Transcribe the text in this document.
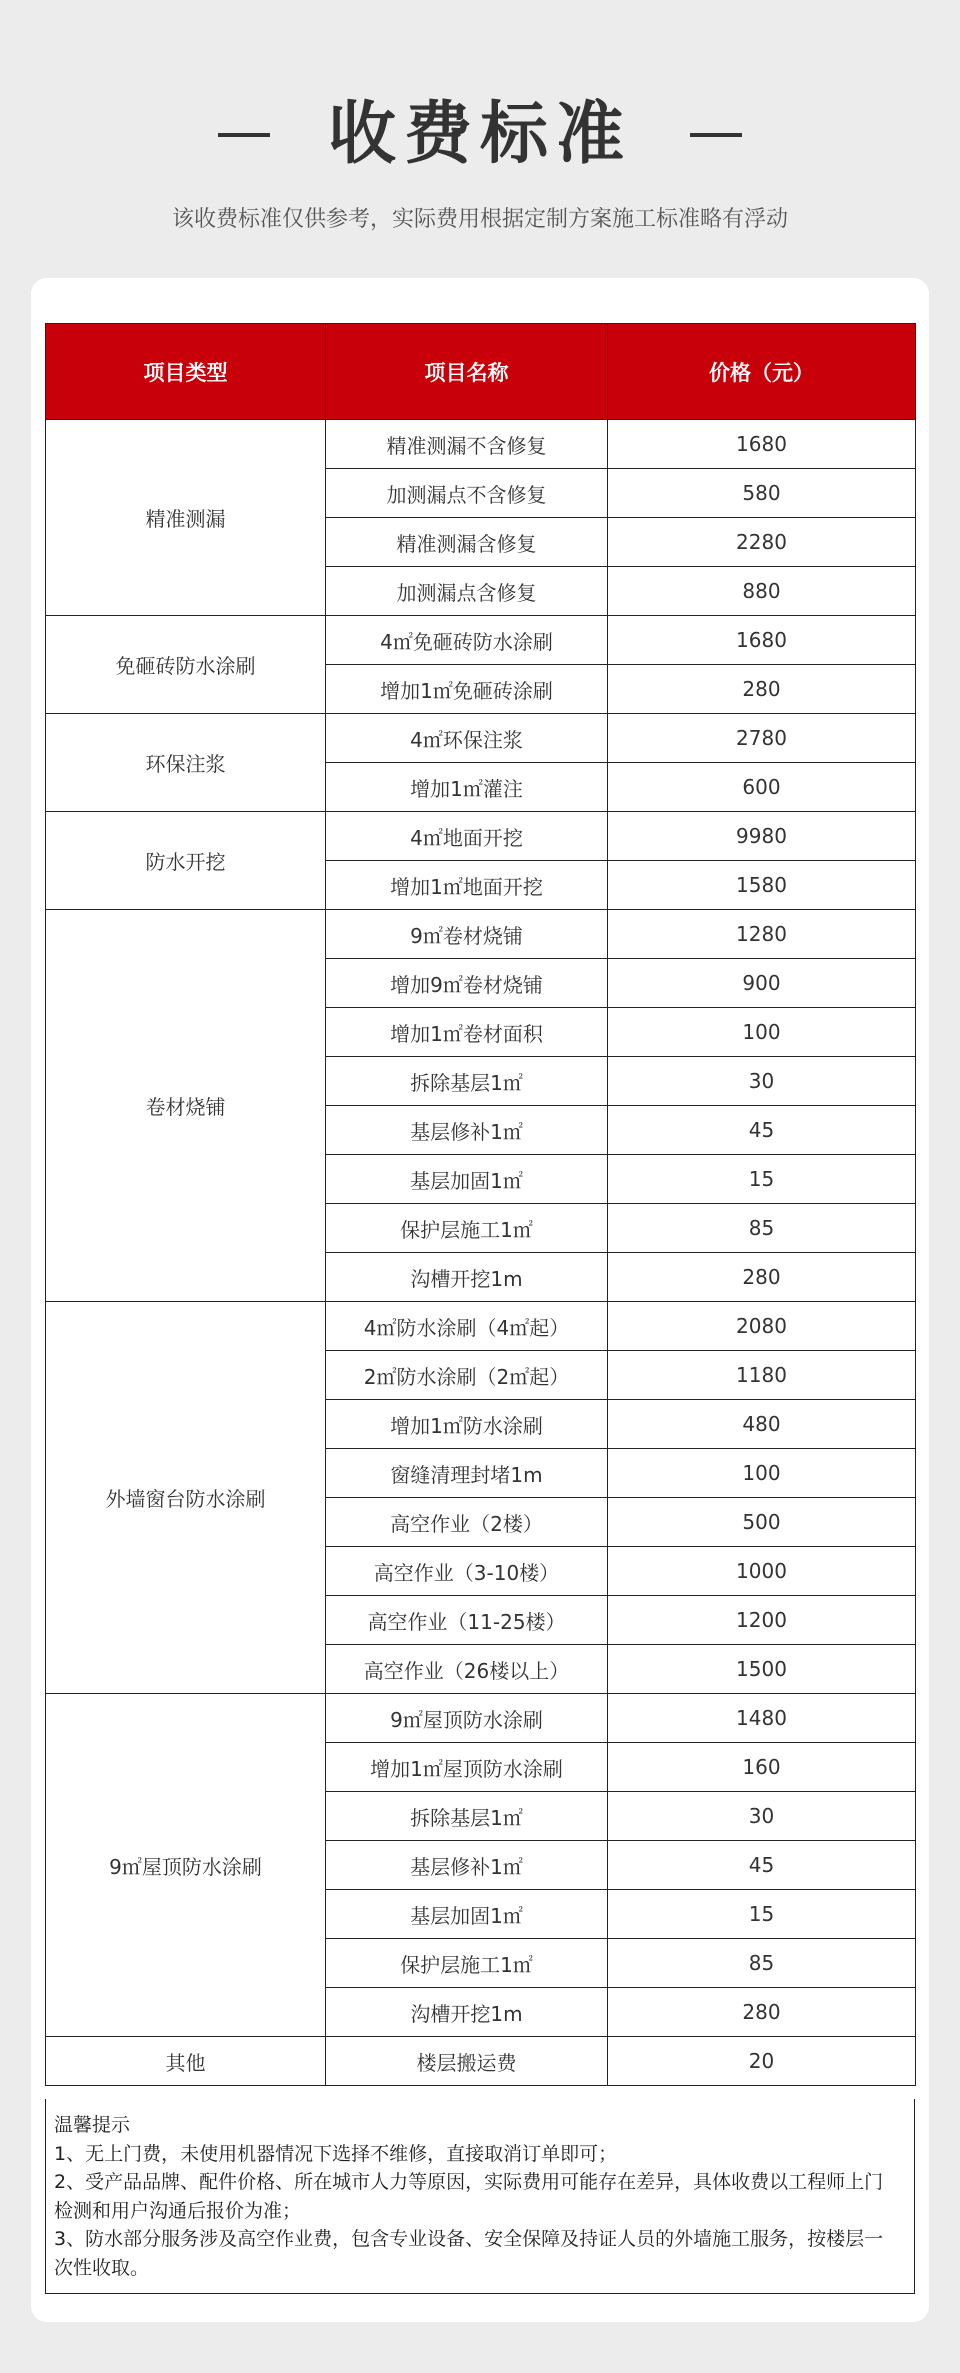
收费标准
该收费标准仅供参考，实际费用根据定制方案施工标准略有浮动
项目类型	项目名称	价格（元）
精准测漏	精准测漏不含修复	1680
	加测漏点不含修复	580
	精准测漏含修复	2280
	加测漏点含修复	880
免砸砖防水涂刷	4㎡免砸砖防水涂刷	1680
	增加1㎡免砸砖涂刷	280
环保注浆	4㎡环保注浆	2780
	增加1㎡灌注	600
防水开挖	4㎡地面开挖	9980
	增加1㎡地面开挖	1580
卷材烧铺	9㎡卷材烧铺	1280
	增加9㎡卷材烧铺	900
	增加1㎡卷材面积	100
	拆除基层1㎡	30
	基层修补1㎡	45
	基层加固1㎡	15
	保护层施工1㎡	85
	沟槽开挖1m	280
外墙窗台防水涂刷	4㎡防水涂刷（4㎡起）	2080
	2㎡防水涂刷（2㎡起）	1180
	增加1㎡防水涂刷	480
	窗缝清理封堵1m	100
	高空作业（2楼）	500
	高空作业（3-10楼）	1000
	高空作业（11-25楼）	1200
	高空作业（26楼以上）	1500
9㎡屋顶防水涂刷	9㎡屋顶防水涂刷	1480
	增加1㎡屋顶防水涂刷	160
	拆除基层1㎡	30
	基层修补1㎡	45
	基层加固1㎡	15
	保护层施工1㎡	85
	沟槽开挖1m	280
其他	楼层搬运费	20
温馨提示
1、无上门费，未使用机器情况下选择不维修，直接取消订单即可；
2、受产品品牌、配件价格、所在城市人力等原因，实际费用可能存在差异，具体收费以工程师上门检测和用户沟通后报价为准；
3、防水部分服务涉及高空作业费，包含专业设备、安全保障及持证人员的外墙施工服务，按楼层一次性收取。
